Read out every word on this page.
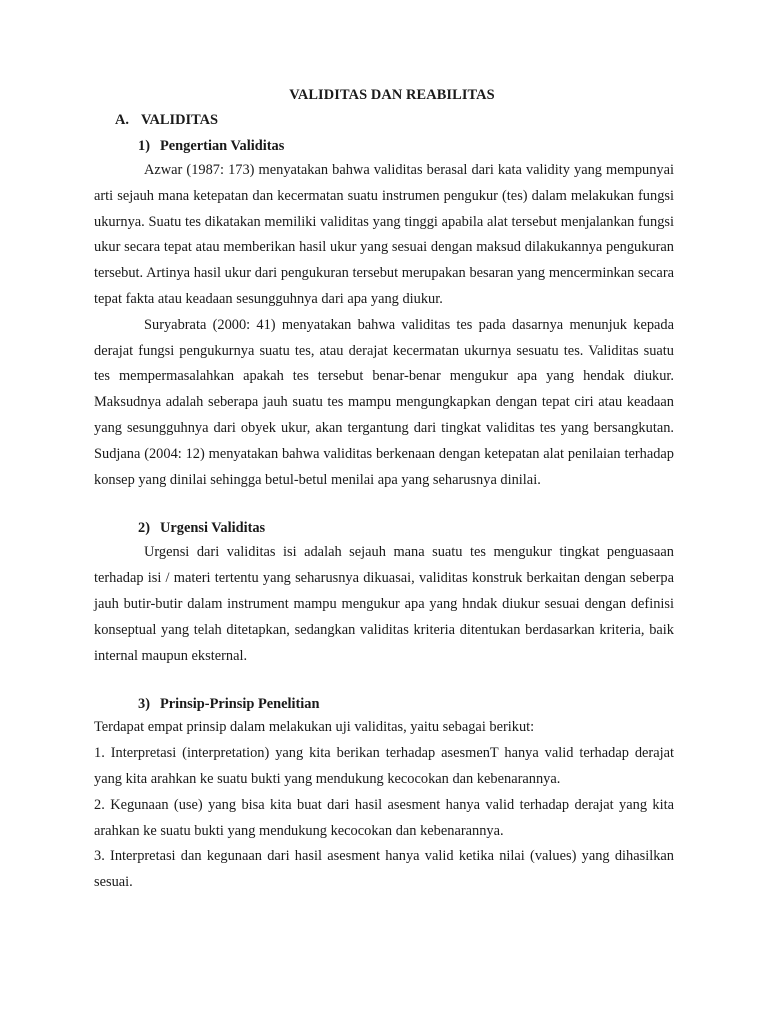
VALIDITAS DAN REABILITAS
A. VALIDITAS
1) Pengertian Validitas

Azwar (1987: 173) menyatakan bahwa validitas berasal dari kata validity yang mempunyai arti sejauh mana ketepatan dan kecermatan suatu instrumen pengukur (tes) dalam melakukan fungsi ukurnya. Suatu tes dikatakan memiliki validitas yang tinggi apabila alat tersebut menjalankan fungsi ukur secara tepat atau memberikan hasil ukur yang sesuai dengan maksud dilakukannya pengukuran tersebut. Artinya hasil ukur dari pengukuran tersebut merupakan besaran yang mencerminkan secara tepat fakta atau keadaan sesungguhnya dari apa yang diukur.

Suryabrata (2000: 41) menyatakan bahwa validitas tes pada dasarnya menunjuk kepada derajat fungsi pengukurnya suatu tes, atau derajat kecermatan ukurnya sesuatu tes. Validitas suatu tes mempermasalahkan apakah tes tersebut benar-benar mengukur apa yang hendak diukur. Maksudnya adalah seberapa jauh suatu tes mampu mengungkapkan dengan tepat ciri atau keadaan yang sesungguhnya dari obyek ukur, akan tergantung dari tingkat validitas tes yang bersangkutan. Sudjana (2004: 12) menyatakan bahwa validitas berkenaan dengan ketepatan alat penilaian terhadap konsep yang dinilai sehingga betul-betul menilai apa yang seharusnya dinilai.

2) Urgensi Validitas

Urgensi dari validitas isi adalah sejauh mana suatu tes mengukur tingkat penguasaan terhadap isi / materi tertentu yang seharusnya dikuasai, validitas konstruk berkaitan dengan seberpa jauh butir-butir dalam instrument mampu mengukur apa yang hndak diukur sesuai dengan definisi konseptual yang telah ditetapkan, sedangkan validitas kriteria ditentukan berdasarkan kriteria, baik internal maupun eksternal.

3) Prinsip-Prinsip Penelitian

Terdapat empat prinsip dalam melakukan uji validitas, yaitu sebagai berikut:

1. Interpretasi (interpretation) yang kita berikan terhadap asesmenT hanya valid terhadap derajat yang kita arahkan ke suatu bukti yang mendukung kecocokan dan kebenarannya.

2. Kegunaan (use) yang bisa kita buat dari hasil asesment hanya valid terhadap derajat yang kita arahkan ke suatu bukti yang mendukung kecocokan dan kebenarannya.

3. Interpretasi dan kegunaan dari hasil asesment hanya valid ketika nilai (values) yang dihasilkan sesuai.
